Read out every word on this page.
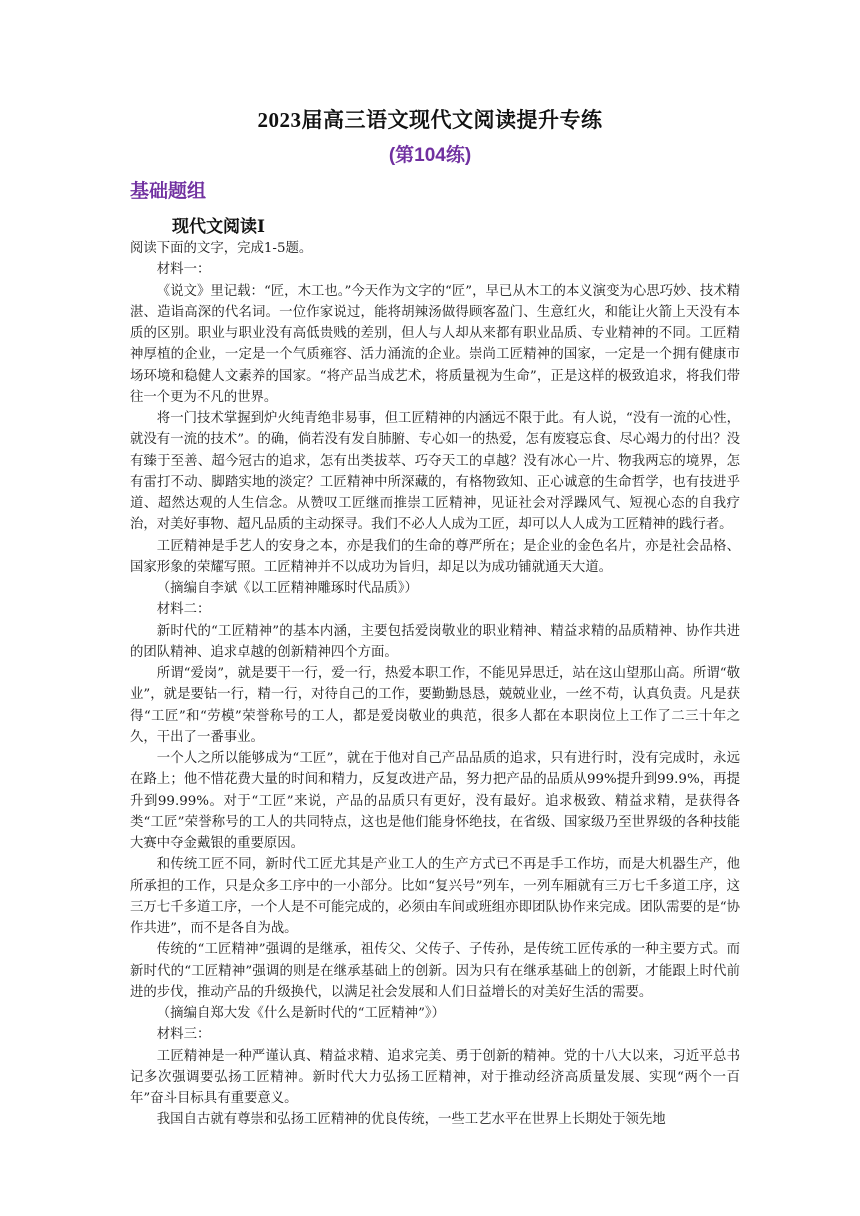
2023届高三语文现代文阅读提升专练
(第104练)
基础题组
现代文阅读Ⅰ

阅读下面的文字，完成1-5题。

材料一：

《说文》里记载：“匠，木工也。”今天作为文字的“匠”，早已从木工的本义演变为心思巧妙、技术精湛、造诣高深的代名词。一位作家说过，能将胡辣汤做得顾客盈门、生意红火，和能让火箭上天没有本质的区别。职业与职业没有高低贵贱的差别，但人与人却从来都有职业品质、专业精神的不同。工匠精神厚植的企业，一定是一个气质雍容、活力涌流的企业。崇尚工匠精神的国家，一定是一个拥有健康市场环境和稳健人文素养的国家。“将产品当成艺术，将质量视为生命”，正是这样的极致追求，将我们带往一个更为不凡的世界。

将一门技术掌握到炉火纯青绝非易事，但工匠精神的内涵远不限于此。有人说，“没有一流的心性，就没有一流的技术”。的确，倘若没有发自肺腑、专心如一的热爱，怎有废寝忘食、尽心竭力的付出？没有臻于至善、超今冠古的追求，怎有出类拔萃、巧夺天工的卓越？没有冰心一片、物我两忘的境界，怎有雷打不动、脚踏实地的淡定？工匠精神中所深藏的，有格物致知、正心诚意的生命哲学，也有技进乎道、超然达观的人生信念。从赞叹工匠继而推崇工匠精神，见证社会对浮躁风气、短视心态的自我疗治，对美好事物、超凡品质的主动探寻。我们不必人人成为工匠，却可以人人成为工匠精神的践行者。

工匠精神是手艺人的安身之本，亦是我们的生命的尊严所在；是企业的金色名片，亦是社会品格、国家形象的荣耀写照。工匠精神并不以成功为旨归，却足以为成功铺就通天大道。

（摘编自李斌《以工匠精神雕琢时代品质》）

材料二：

新时代的“工匠精神”的基本内涵，主要包括爱岗敬业的职业精神、精益求精的品质精神、协作共进的团队精神、追求卓越的创新精神四个方面。

所谓“爱岗”，就是要干一行，爱一行，热爱本职工作，不能见异思迁，站在这山望那山高。所谓“敬业”，就是要钻一行，精一行，对待自己的工作，要勤勤恳恳，兢兢业业，一丝不苟，认真负责。凡是获得“工匠”和“劳模”荣誉称号的工人，都是爱岗敬业的典范，很多人都在本职岗位上工作了二三十年之久，干出了一番事业。

一个人之所以能够成为“工匠”，就在于他对自己产品品质的追求，只有进行时，没有完成时，永远在路上；他不惜花费大量的时间和精力，反复改进产品，努力把产品的品质从99%提升到99.9%，再提升到99.99%。对于“工匠”来说，产品的品质只有更好，没有最好。追求极致、精益求精，是获得各类“工匠”荣誉称号的工人的共同特点，这也是他们能身怀绝技，在省级、国家级乃至世界级的各种技能大赛中夺金戴银的重要原因。

和传统工匠不同，新时代工匠尤其是产业工人的生产方式已不再是手工作坊，而是大机器生产，他所承担的工作，只是众多工序中的一小部分。比如“复兴号”列车，一列车厢就有三万七千多道工序，这三万七千多道工序，一个人是不可能完成的，必须由车间或班组亦即团队协作来完成。团队需要的是“协作共进”，而不是各自为战。

传统的“工匠精神”强调的是继承，祖传父、父传子、子传孙，是传统工匠传承的一种主要方式。而新时代的“工匠精神”强调的则是在继承基础上的创新。因为只有在继承基础上的创新，才能跟上时代前进的步伐，推动产品的升级换代，以满足社会发展和人们日益增长的对美好生活的需要。

（摘编自郑大发《什么是新时代的“工匠精神”》）

材料三：

工匠精神是一种严谨认真、精益求精、追求完美、勇于创新的精神。党的十八大以来，习近平总书记多次强调要弘扬工匠精神。新时代大力弘扬工匠精神，对于推动经济高质量发展、实现“两个一百年”奋斗目标具有重要意义。

我国自古就有尊崇和弘扬工匠精神的优良传统，一些工艺水平在世界上长期处于领先地
